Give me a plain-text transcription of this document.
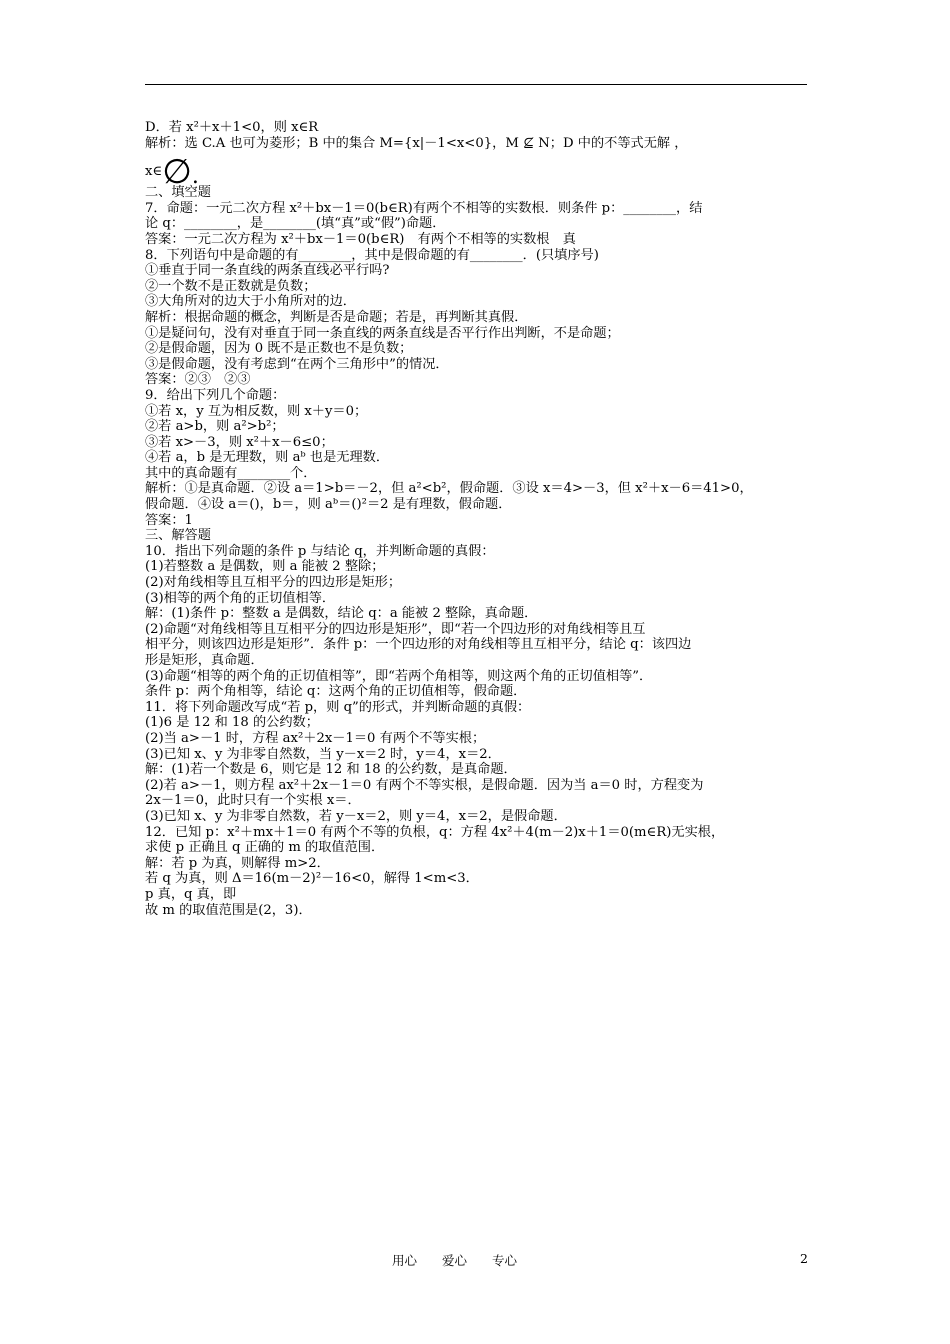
D．若 x²＋x＋1<0，则 x∈R
解析：选 C.A 也可为菱形；B 中的集合 M={x|－1<x<0}，M ⊈ N；D 中的不等式无解 ，
x∈∅.
二、填空题
7．命题：一元二次方程 x²＋bx－1＝0(b∈R)有两个不相等的实数根．则条件 p：________，结
论 q：________，是________(填“真”或“假”)命题．
答案：一元二次方程为 x²＋bx－1＝0(b∈R)　有两个不相等的实数根　真
8．下列语句中是命题的有________，其中是假命题的有________．(只填序号)
①垂直于同一条直线的两条直线必平行吗?
②一个数不是正数就是负数；
③大角所对的边大于小角所对的边．
解析：根据命题的概念，判断是否是命题；若是，再判断其真假．
①是疑问句，没有对垂直于同一条直线的两条直线是否平行作出判断，不是命题；
②是假命题，因为 0 既不是正数也不是负数；
③是假命题，没有考虑到“在两个三角形中”的情况．
答案：②③　②③
9．给出下列几个命题：
①若 x，y 互为相反数，则 x＋y＝0；
②若 a>b，则 a²>b²；
③若 x>－3，则 x²＋x－6≤0；
④若 a，b 是无理数，则 aᵇ 也是无理数．
其中的真命题有________个．
解析：①是真命题．②设 a＝1>b＝－2，但 a²<b²，假命题．③设 x＝4>－3，但 x²＋x－6＝41>0，
假命题．④设 a＝()，b＝，则 aᵇ＝()²＝2 是有理数，假命题．
答案：1
三、解答题
10．指出下列命题的条件 p 与结论 q，并判断命题的真假：
(1)若整数 a 是偶数，则 a 能被 2 整除；
(2)对角线相等且互相平分的四边形是矩形；
(3)相等的两个角的正切值相等．
解：(1)条件 p：整数 a 是偶数，结论 q：a 能被 2 整除，真命题．
(2)命题“对角线相等且互相平分的四边形是矩形”，即“若一个四边形的对角线相等且互
相平分，则该四边形是矩形”．条件 p：一个四边形的对角线相等且互相平分，结论 q：该四边
形是矩形，真命题．
(3)命题“相等的两个角的正切值相等”，即“若两个角相等，则这两个角的正切值相等”．
条件 p：两个角相等，结论 q：这两个角的正切值相等，假命题．
11．将下列命题改写成“若 p，则 q”的形式，并判断命题的真假：
(1)6 是 12 和 18 的公约数；
(2)当 a>－1 时，方程 ax²＋2x－1＝0 有两个不等实根；
(3)已知 x、y 为非零自然数，当 y－x＝2 时，y＝4，x＝2．
解：(1)若一个数是 6，则它是 12 和 18 的公约数，是真命题．
(2)若 a>－1，则方程 ax²＋2x－1＝0 有两个不等实根，是假命题．因为当 a＝0 时，方程变为
2x－1＝0，此时只有一个实根 x＝．
(3)已知 x、y 为非零自然数，若 y－x＝2，则 y＝4，x＝2，是假命题．
12．已知 p：x²＋mx＋1＝0 有两个不等的负根，q：方程 4x²＋4(m－2)x＋1＝0(m∈R)无实根，
求使 p 正确且 q 正确的 m 的取值范围．
解：若 p 为真，则解得 m>2．
若 q 为真，则 Δ＝16(m－2)²－16<0，解得 1<m<3．
p 真，q 真，即
故 m 的取值范围是(2，3)．
用心　　爱心　　专心	2
